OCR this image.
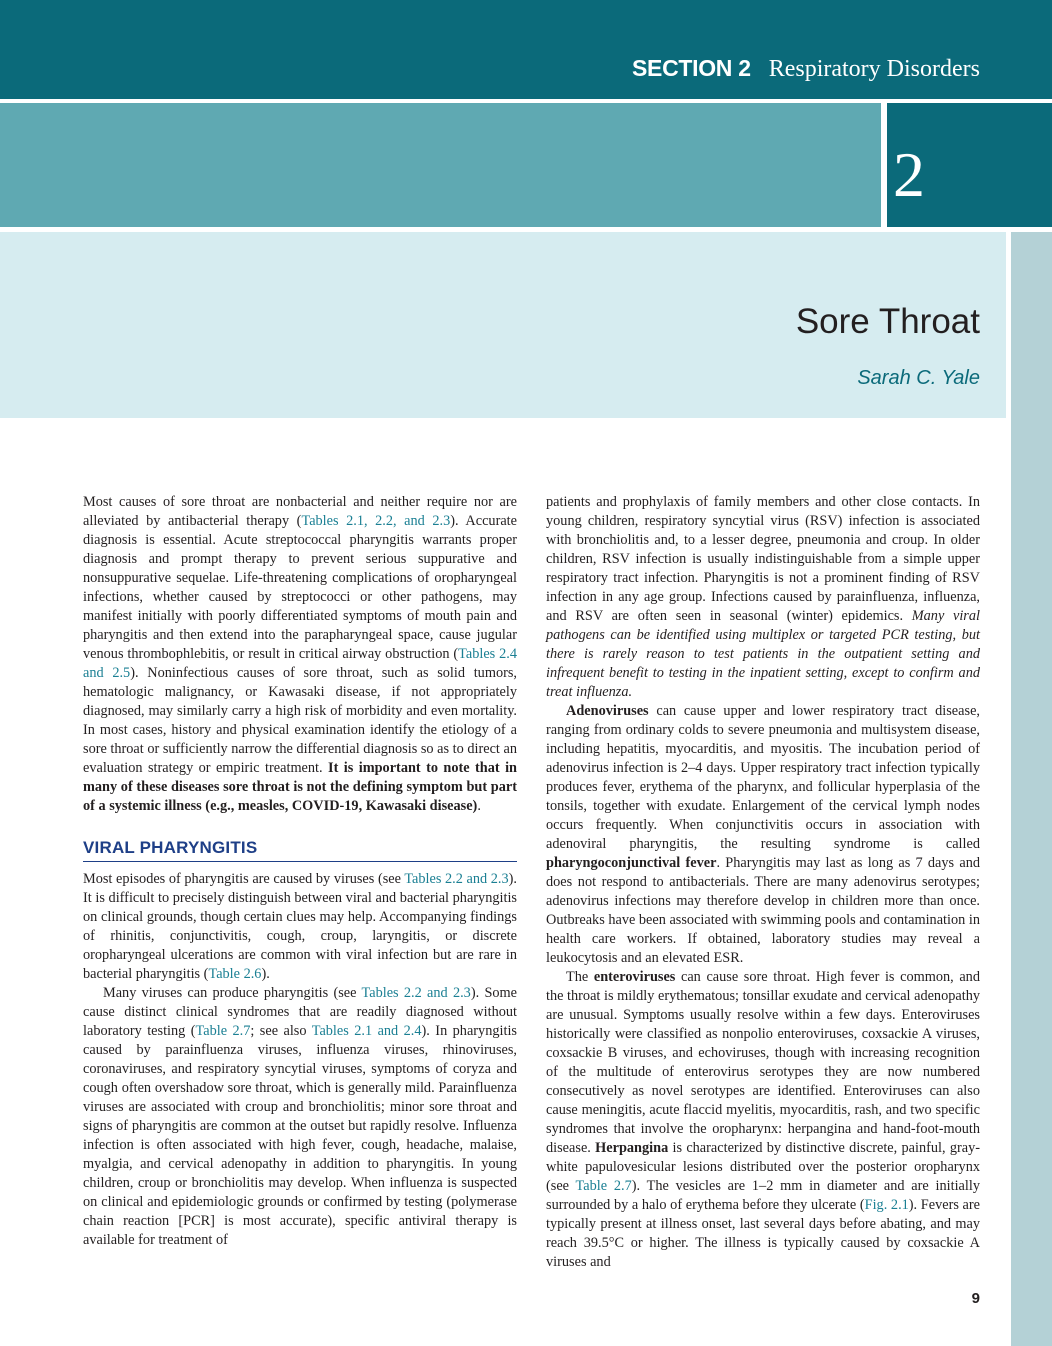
SECTION 2 Respiratory Disorders
2
Sore Throat
Sarah C. Yale

Most causes of sore throat are nonbacterial and neither require nor are alleviated by antibacterial therapy (Tables 2.1, 2.2, and 2.3). Accurate diagnosis is essential. Acute streptococcal pharyngitis warrants proper diagnosis and prompt therapy to prevent serious suppurative and nonsuppurative sequelae. Life-threatening complications of oropharyngeal infections, whether caused by streptococci or other pathogens, may manifest initially with poorly differentiated symptoms of mouth pain and pharyngitis and then extend into the parapharyngeal space, cause jugular venous thrombophlebitis, or result in critical airway obstruction (Tables 2.4 and 2.5). Noninfectious causes of sore throat, such as solid tumors, hematologic malignancy, or Kawasaki disease, if not appropriately diagnosed, may similarly carry a high risk of morbidity and even mortality. In most cases, history and physical examination identify the etiology of a sore throat or sufficiently narrow the differential diagnosis so as to direct an evaluation strategy or empiric treatment. It is important to note that in many of these diseases sore throat is not the defining symptom but part of a systemic illness (e.g., measles, COVID-19, Kawasaki disease).

VIRAL PHARYNGITIS

Most episodes of pharyngitis are caused by viruses (see Tables 2.2 and 2.3). It is difficult to precisely distinguish between viral and bacterial pharyngitis on clinical grounds, though certain clues may help. Accompanying findings of rhinitis, conjunctivitis, cough, croup, laryngitis, or discrete oropharyngeal ulcerations are common with viral infection but are rare in bacterial pharyngitis (Table 2.6).

Many viruses can produce pharyngitis (see Tables 2.2 and 2.3). Some cause distinct clinical syndromes that are readily diagnosed without laboratory testing (Table 2.7; see also Tables 2.1 and 2.4). In pharyngitis caused by parainfluenza viruses, influenza viruses, rhinoviruses, coronaviruses, and respiratory syncytial viruses, symptoms of coryza and cough often overshadow sore throat, which is generally mild. Parainfluenza viruses are associated with croup and bronchiolitis; minor sore throat and signs of pharyngitis are common at the outset but rapidly resolve. Influenza infection is often associated with high fever, cough, headache, malaise, myalgia, and cervical adenopathy in addition to pharyngitis. In young children, croup or bronchiolitis may develop. When influenza is suspected on clinical and epidemiologic grounds or confirmed by testing (polymerase chain reaction [PCR] is most accurate), specific antiviral therapy is available for treatment of

patients and prophylaxis of family members and other close contacts. In young children, respiratory syncytial virus (RSV) infection is associated with bronchiolitis and, to a lesser degree, pneumonia and croup. In older children, RSV infection is usually indistinguishable from a simple upper respiratory tract infection. Pharyngitis is not a prominent finding of RSV infection in any age group. Infections caused by parainfluenza, influenza, and RSV are often seen in seasonal (winter) epidemics. Many viral pathogens can be identified using multiplex or targeted PCR testing, but there is rarely reason to test patients in the outpatient setting and infrequent benefit to testing in the inpatient setting, except to confirm and treat influenza.

Adenoviruses can cause upper and lower respiratory tract disease, ranging from ordinary colds to severe pneumonia and multisystem disease, including hepatitis, myocarditis, and myositis. The incubation period of adenovirus infection is 2–4 days. Upper respiratory tract infection typically produces fever, erythema of the pharynx, and follicular hyperplasia of the tonsils, together with exudate. Enlargement of the cervical lymph nodes occurs frequently. When conjunctivitis occurs in association with adenoviral pharyngitis, the resulting syndrome is called pharyngoconjunctival fever. Pharyngitis may last as long as 7 days and does not respond to antibacterials. There are many adenovirus serotypes; adenovirus infections may therefore develop in children more than once. Outbreaks have been associated with swimming pools and contamination in health care workers. If obtained, laboratory studies may reveal a leukocytosis and an elevated ESR.

The enteroviruses can cause sore throat. High fever is common, and the throat is mildly erythematous; tonsillar exudate and cervical adenopathy are unusual. Symptoms usually resolve within a few days. Enteroviruses historically were classified as nonpolio enteroviruses, coxsackie A viruses, coxsackie B viruses, and echoviruses, though with increasing recognition of the multitude of enterovirus serotypes they are now numbered consecutively as novel serotypes are identified. Enteroviruses can also cause meningitis, acute flaccid myelitis, myocarditis, rash, and two specific syndromes that involve the oropharynx: herpangina and hand-foot-mouth disease. Herpangina is characterized by distinctive discrete, painful, gray-white papulovesicular lesions distributed over the posterior oropharynx (see Table 2.7). The vesicles are 1–2 mm in diameter and are initially surrounded by a halo of erythema before they ulcerate (Fig. 2.1). Fevers are typically present at illness onset, last several days before abating, and may reach 39.5°C or higher. The illness is typically caused by coxsackie A viruses and

9
